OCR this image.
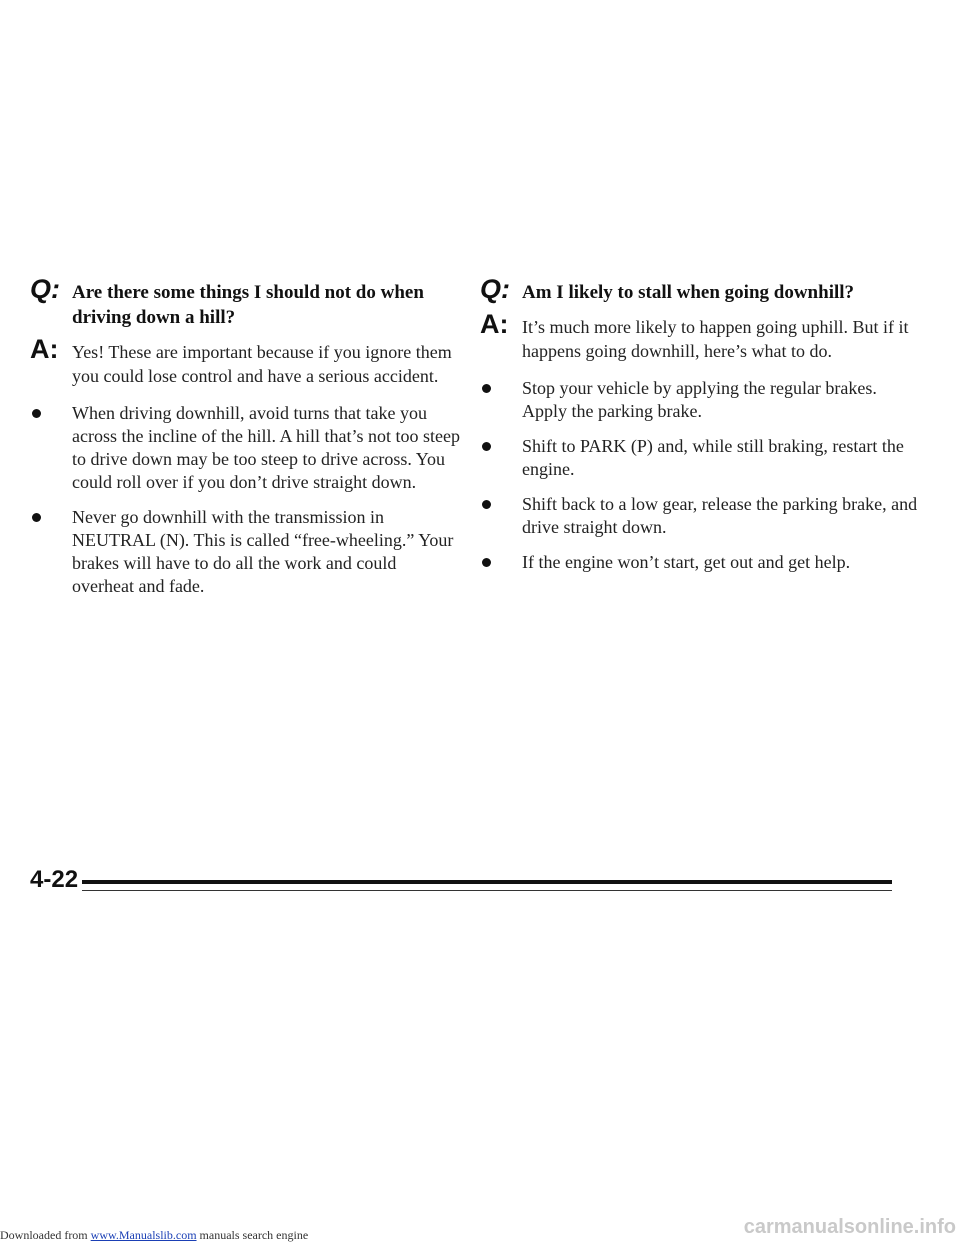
Q: Are there some things I should not do when driving down a hill?
A: Yes! These are important because if you ignore them you could lose control and have a serious accident.
When driving downhill, avoid turns that take you across the incline of the hill. A hill that’s not too steep to drive down may be too steep to drive across. You could roll over if you don’t drive straight down.
Never go downhill with the transmission in NEUTRAL (N). This is called “free-wheeling.” Your brakes will have to do all the work and could overheat and fade.
Q: Am I likely to stall when going downhill?
A: It’s much more likely to happen going uphill. But if it happens going downhill, here’s what to do.
Stop your vehicle by applying the regular brakes. Apply the parking brake.
Shift to PARK (P) and, while still braking, restart the engine.
Shift back to a low gear, release the parking brake, and drive straight down.
If the engine won’t start, get out and get help.
4-22
Downloaded from www.Manualslib.com manuals search engine	carmanualsonline.info
